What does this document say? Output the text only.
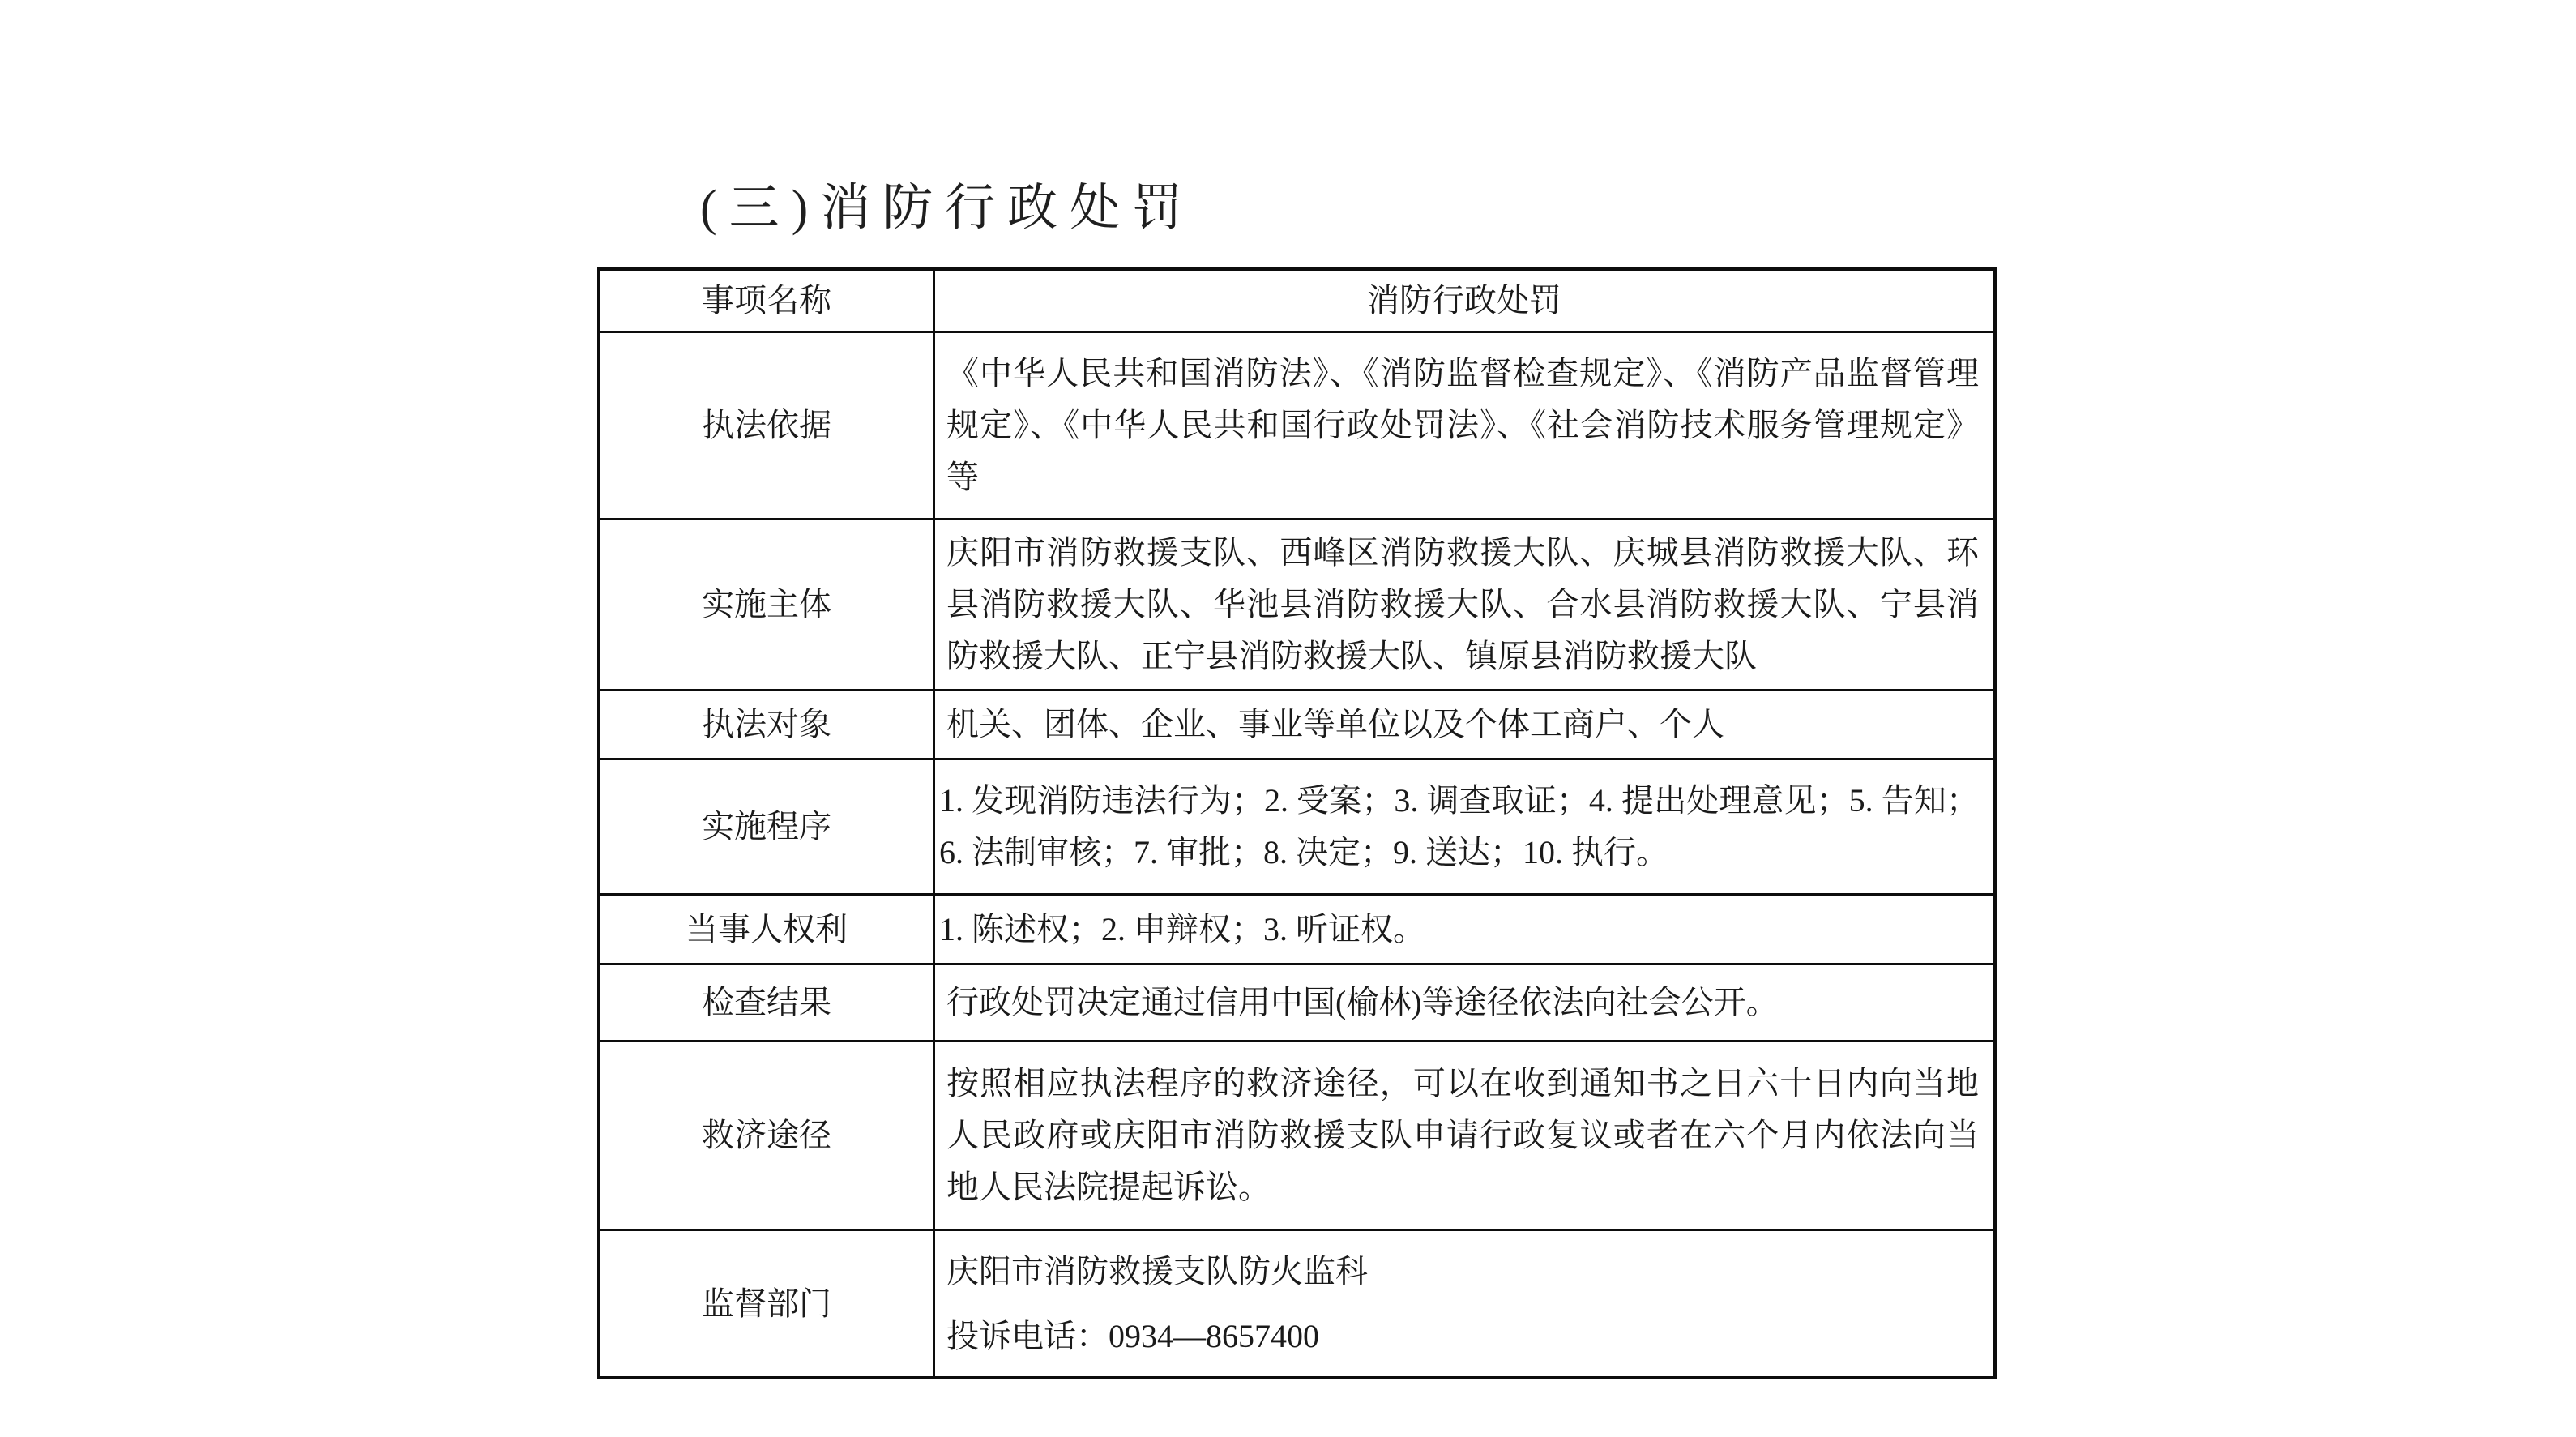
(三)消防行政处罚
事项名称	消防行政处罚
执法依据	《中华人民共和国消防法》、《消防监督检查规定》、《消防产品监督管理规定》、《中华人民共和国行政处罚法》、《社会消防技术服务管理规定》等
实施主体	庆阳市消防救援支队、西峰区消防救援大队、庆城县消防救援大队、环县消防救援大队、华池县消防救援大队、合水县消防救援大队、宁县消防救援大队、正宁县消防救援大队、镇原县消防救援大队
执法对象	机关、团体、企业、事业等单位以及个体工商户、个人
实施程序	1. 发现消防违法行为；2. 受案；3. 调查取证；4. 提出处理意见；5. 告知；6. 法制审核；7. 审批；8. 决定；9. 送达；10. 执行。
当事人权利	1. 陈述权；2. 申辩权；3. 听证权。
检查结果	行政处罚决定通过信用中国(榆林)等途径依法向社会公开。
救济途径	按照相应执法程序的救济途径，可以在收到通知书之日六十日内向当地人民政府或庆阳市消防救援支队申请行政复议或者在六个月内依法向当地人民法院提起诉讼。
监督部门	庆阳市消防救援支队防火监科
投诉电话：0934—8657400
